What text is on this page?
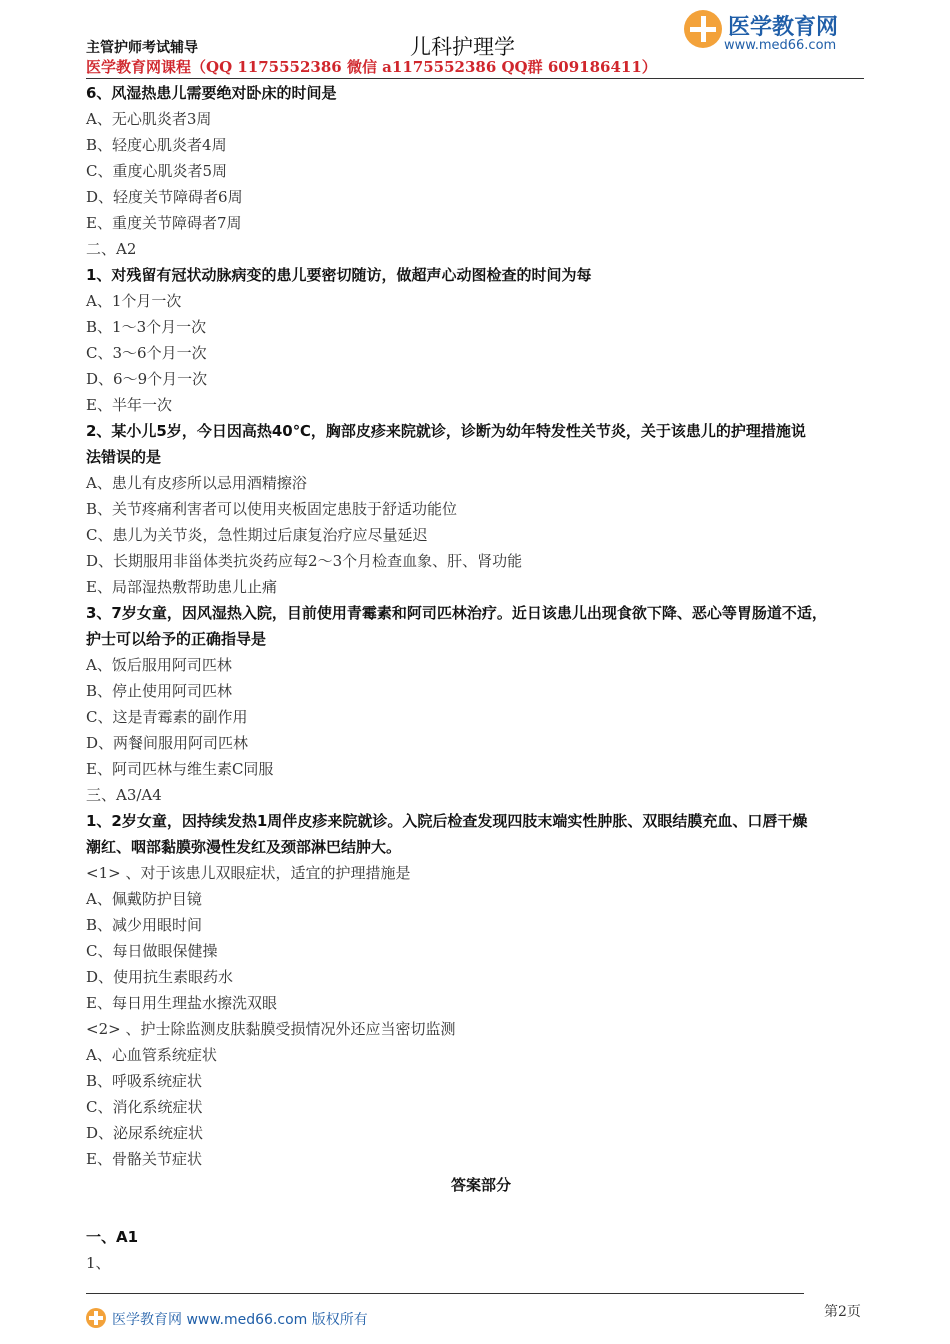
主管护师考试辅导	儿科护理学
医学教育网课程（QQ 1175552386 微信 a1175552386 QQ群 609186411）
医学教育网
www.med66.com
6、风湿热患儿需要绝对卧床的时间是
A、无心肌炎者3周
B、轻度心肌炎者4周
C、重度心肌炎者5周
D、轻度关节障碍者6周
E、重度关节障碍者7周
二、A2
1、对残留有冠状动脉病变的患儿要密切随访，做超声心动图检查的时间为每
A、1个月一次
B、1～3个月一次
C、3～6个月一次
D、6～9个月一次
E、半年一次
2、某小儿5岁，今日因高热40℃，胸部皮疹来院就诊，诊断为幼年特发性关节炎，关于该患儿的护理措施说
法错误的是
A、患儿有皮疹所以忌用酒精擦浴
B、关节疼痛利害者可以使用夹板固定患肢于舒适功能位
C、患儿为关节炎，急性期过后康复治疗应尽量延迟
D、长期服用非甾体类抗炎药应每2～3个月检查血象、肝、肾功能
E、局部湿热敷帮助患儿止痛
3、7岁女童，因风湿热入院，目前使用青霉素和阿司匹林治疗。近日该患儿出现食欲下降、恶心等胃肠道不适，
护士可以给予的正确指导是
A、饭后服用阿司匹林
B、停止使用阿司匹林
C、这是青霉素的副作用
D、两餐间服用阿司匹林
E、阿司匹林与维生素C同服
三、A3/A4
1、2岁女童，因持续发热1周伴皮疹来院就诊。入院后检查发现四肢末端实性肿胀、双眼结膜充血、口唇干燥
潮红、咽部黏膜弥漫性发红及颈部淋巴结肿大。
<1> 、对于该患儿双眼症状，适宜的护理措施是
A、佩戴防护目镜
B、减少用眼时间
C、每日做眼保健操
D、使用抗生素眼药水
E、每日用生理盐水擦洗双眼
<2> 、护士除监测皮肤黏膜受损情况外还应当密切监测
A、心血管系统症状
B、呼吸系统症状
C、消化系统症状
D、泌尿系统症状
E、骨骼关节症状
答案部分
一、A1
1、
第2页
医学教育网 www.med66.com 版权所有
